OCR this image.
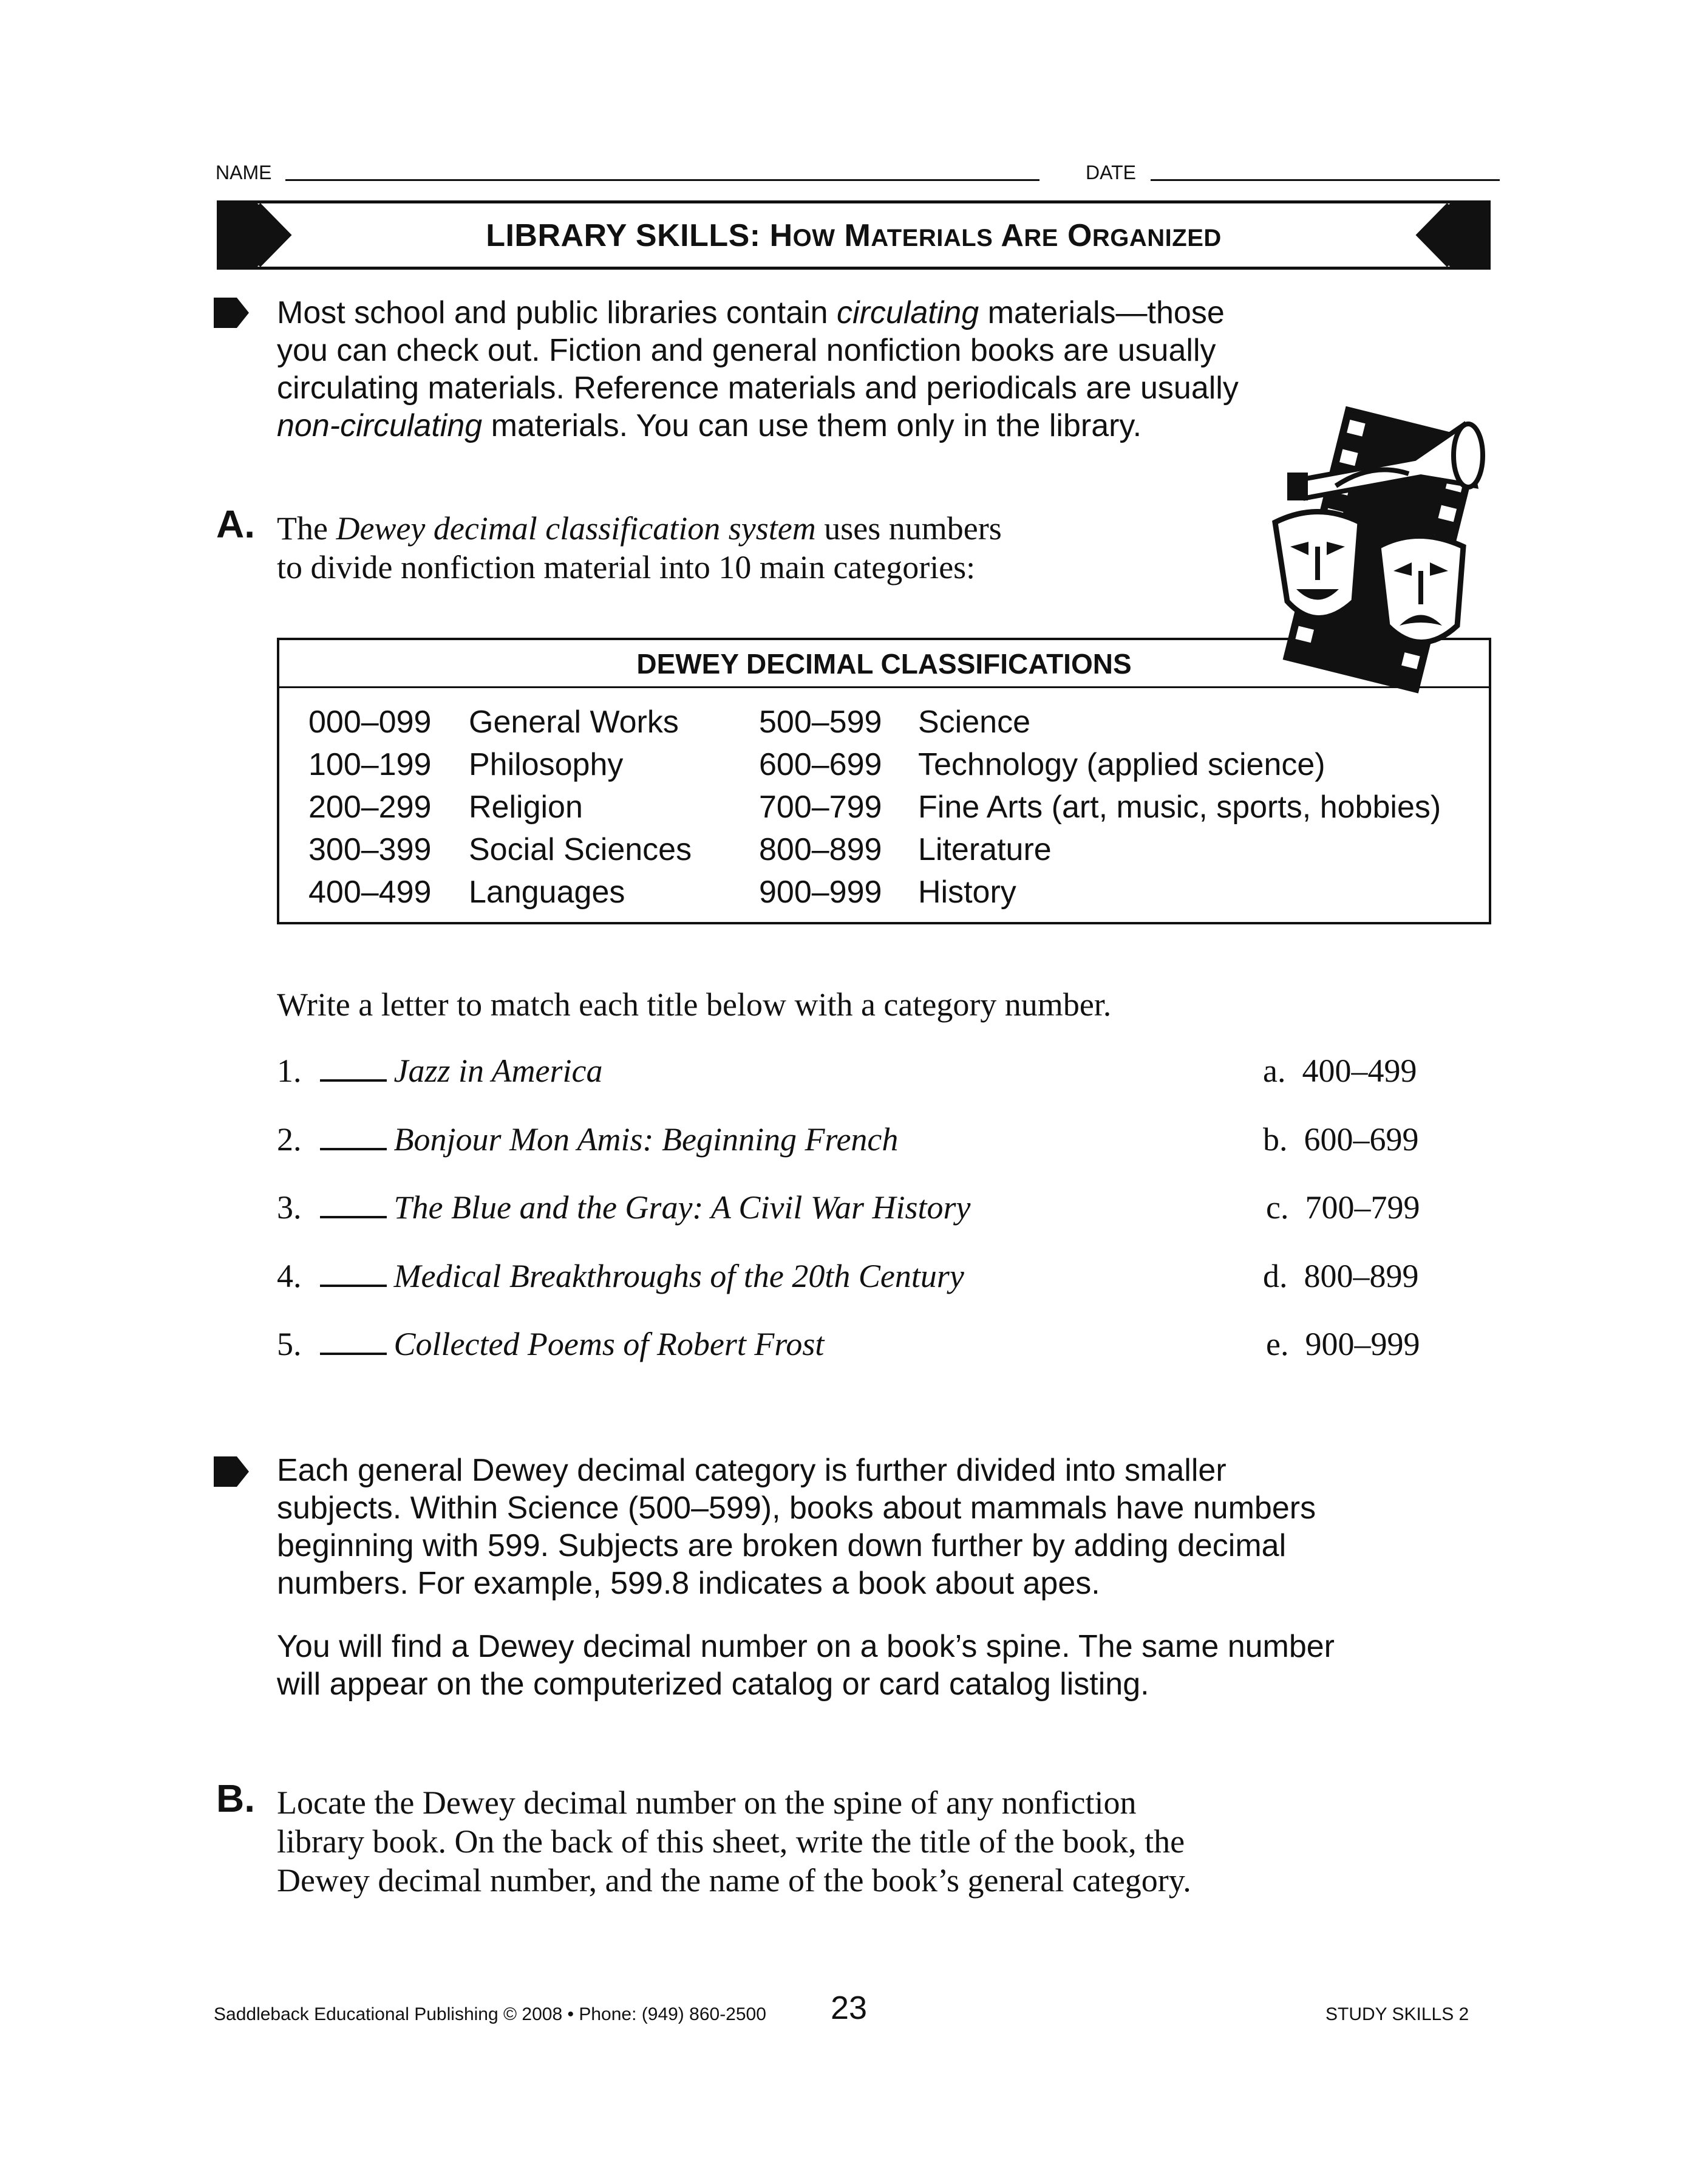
NAME	DATE
LIBRARY SKILLS: HOW MATERIALS ARE ORGANIZED
Most school and public libraries contain circulating materials—those
you can check out. Fiction and general nonfiction books are usually
circulating materials. Reference materials and periodicals are usually
non-circulating materials. You can use them only in the library.
A. The Dewey decimal classification system uses numbers
to divide nonfiction material into 10 main categories:
DEWEY DECIMAL CLASSIFICATIONS
000–099 General Works	500–599 Science
100–199 Philosophy	600–699 Technology (applied science)
200–299 Religion	700–799 Fine Arts (art, music, sports, hobbies)
300–399 Social Sciences 800–899 Literature
400–499 Languages	900–999 History
Write a letter to match each title below with a category number.
1.	Jazz in America	a. 400–499
2.	Bonjour Mon Amis: Beginning French	b. 600–699
3.	The Blue and the Gray: A Civil War History	c. 700–799
4.	Medical Breakthroughs of the 20th Century	d. 800–899
5.	Collected Poems of Robert Frost	e. 900–999
Each general Dewey decimal category is further divided into smaller
subjects. Within Science (500–599), books about mammals have numbers
beginning with 599. Subjects are broken down further by adding decimal
numbers. For example, 599.8 indicates a book about apes.
You will find a Dewey decimal number on a book’s spine. The same number
will appear on the computerized catalog or card catalog listing.
B. Locate the Dewey decimal number on the spine of any nonfiction
library book. On the back of this sheet, write the title of the book, the
Dewey decimal number, and the name of the book’s general category.
Saddleback Educational Publishing © 2008 • Phone: (949) 860-2500 23	STUDY SKILLS 2
